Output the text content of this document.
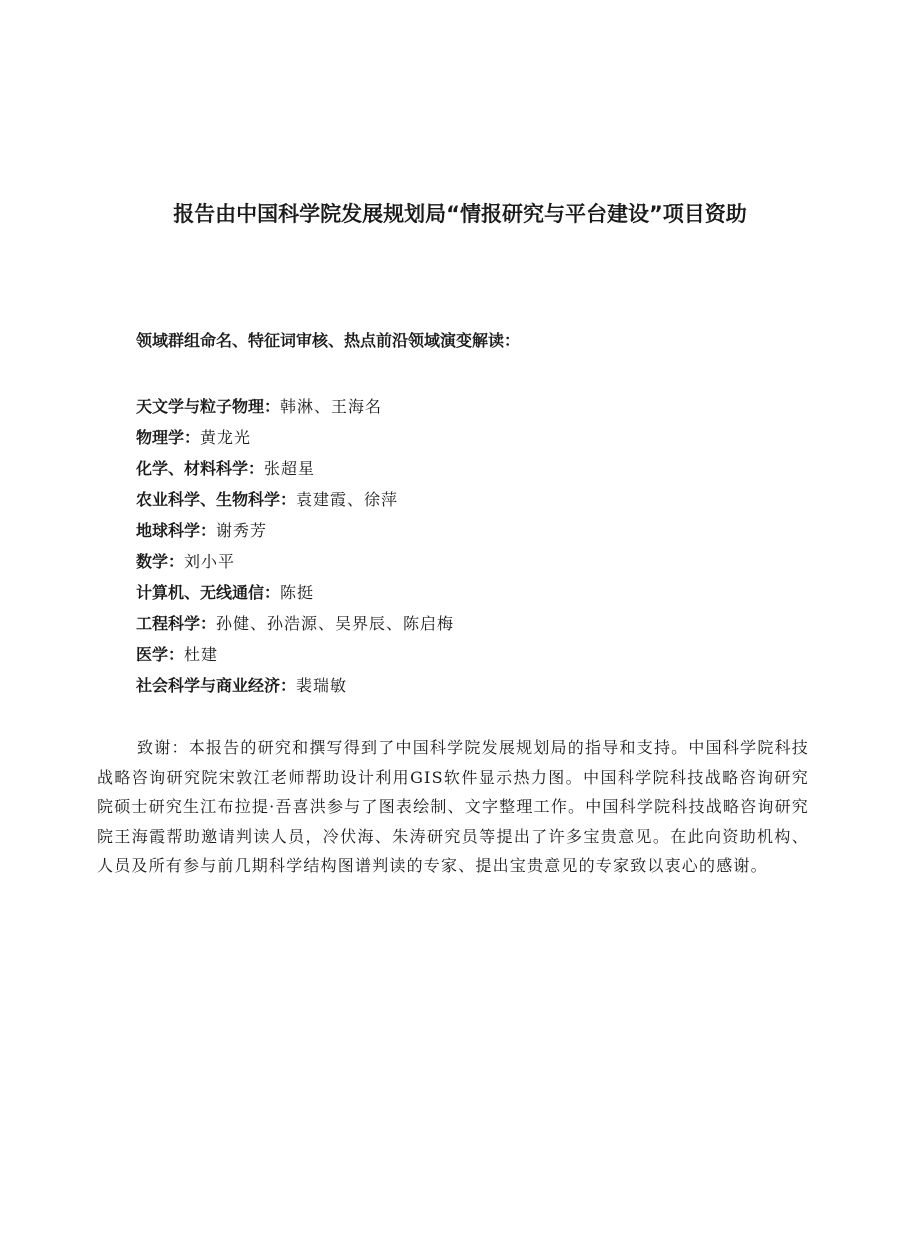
报告由中国科学院发展规划局“情报研究与平台建设”项目资助
领域群组命名、特征词审核、热点前沿领域演变解读：
天文学与粒子物理：韩淋、王海名
物理学：黄龙光
化学、材料科学：张超星
农业科学、生物科学：袁建霞、徐萍
地球科学：谢秀芳
数学：刘小平
计算机、无线通信：陈挺
工程科学：孙健、孙浩源、吴界辰、陈启梅
医学：杜建
社会科学与商业经济：裴瑞敏

致谢：本报告的研究和撰写得到了中国科学院发展规划局的指导和支持。中国科学院科技战略咨询研究院宋敦江老师帮助设计利用GIS软件显示热力图。中国科学院科技战略咨询研究院硕士研究生江布拉提·吾喜洪参与了图表绘制、文字整理工作。中国科学院科技战略咨询研究院王海霞帮助邀请判读人员，冷伏海、朱涛研究员等提出了许多宝贵意见。在此向资助机构、人员及所有参与前几期科学结构图谱判读的专家、提出宝贵意见的专家致以衷心的感谢。
